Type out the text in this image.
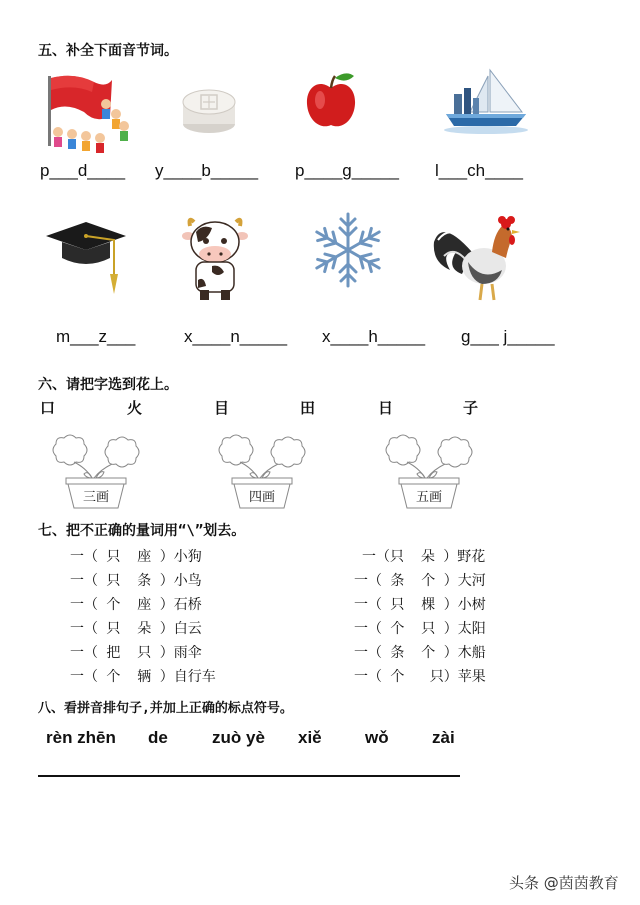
五、补全下面音节词。
p___d____ y____b_____ p____g_____ l___ch____
m___z___	x____n_____ x____h_____ g___ j_____
六、请把字选到花上。
口	火	目	田	日	子
三画	四画	五画
七、把不正确的量词用“\”划去。
一（ 只  座 ）小狗
一（ 只  条 ）小鸟
一（ 个  座 ）石桥
一（ 只  朵 ）白云
一（ 把  只 ）雨伞
一（ 个  辆 ）自行车
一（只  朵 ）野花
一（ 条  个 ）大河
一（ 只  棵 ）小树
一（ 个  只 ）太阳
一（ 条  个 ）木船
一（ 个   只）苹果
八、看拼音排句子,并加上正确的标点符号。
rèn zhēn de	zuò yè xiě	wǒ	zài
头条 @茵茵教育
